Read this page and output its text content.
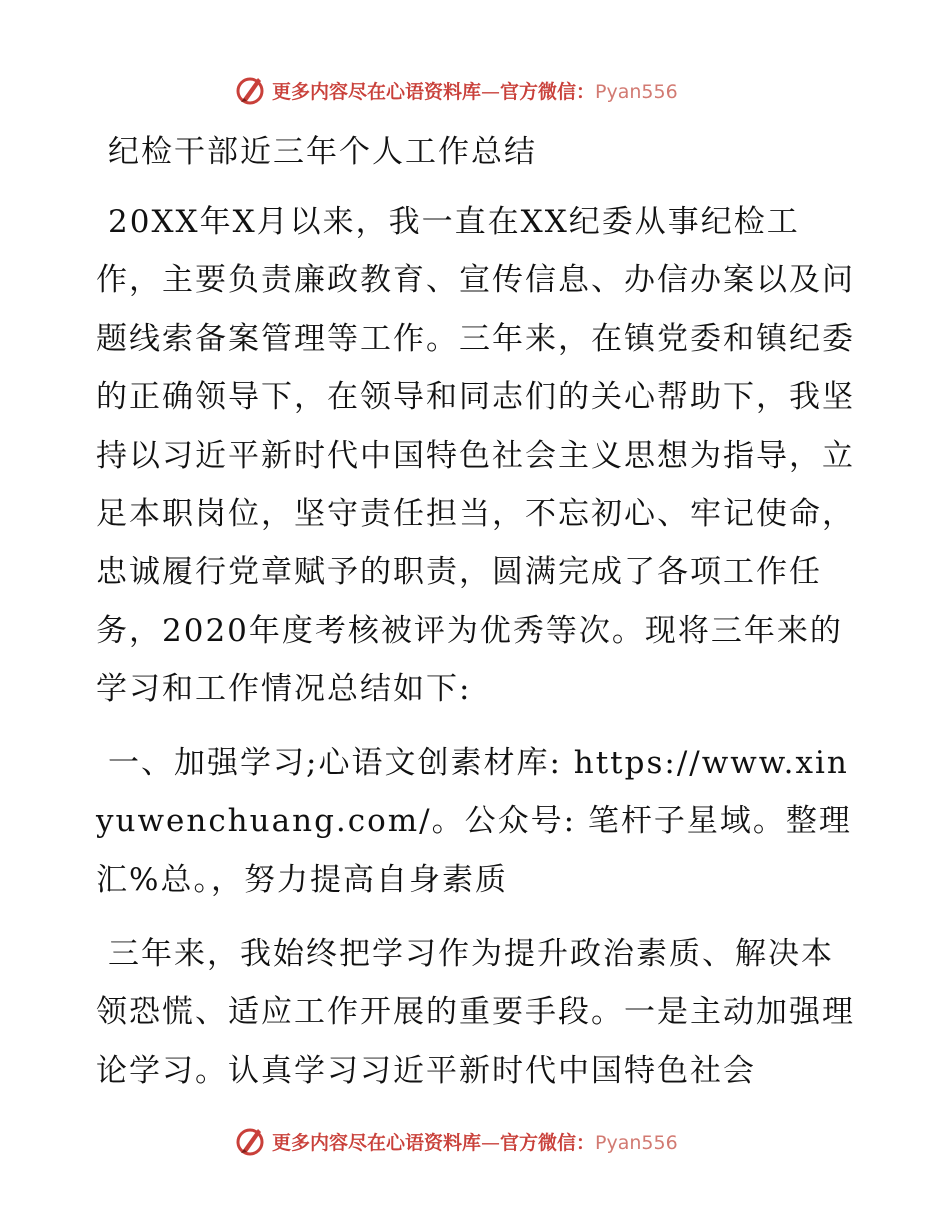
更多内容尽在心语资料库—官方微信：Pyan556
纪检干部近三年个人工作总结

20XX年X月以来，我一直在XX纪委从事纪检工作，主要负责廉政教育、宣传信息、办信办案以及问题线索备案管理等工作。三年来，在镇党委和镇纪委的正确领导下，在领导和同志们的关心帮助下，我坚持以习近平新时代中国特色社会主义思想为指导，立足本职岗位，坚守责任担当，不忘初心、牢记使命，忠诚履行党章赋予的职责，圆满完成了各项工作任务，2020年度考核被评为优秀等次。现将三年来的学习和工作情况总结如下:

一、加强学习;心语文创素材库: https://www.xinyuwenchuang.com/。公众号: 笔杆子星域。整理汇%总。，努力提高自身素质

三年来，我始终把学习作为提升政治素质、解决本领恐慌、适应工作开展的重要手段。一是主动加强理论学习。认真学习习近平新时代中国特色社会

更多内容尽在心语资料库—官方微信：Pyan556
